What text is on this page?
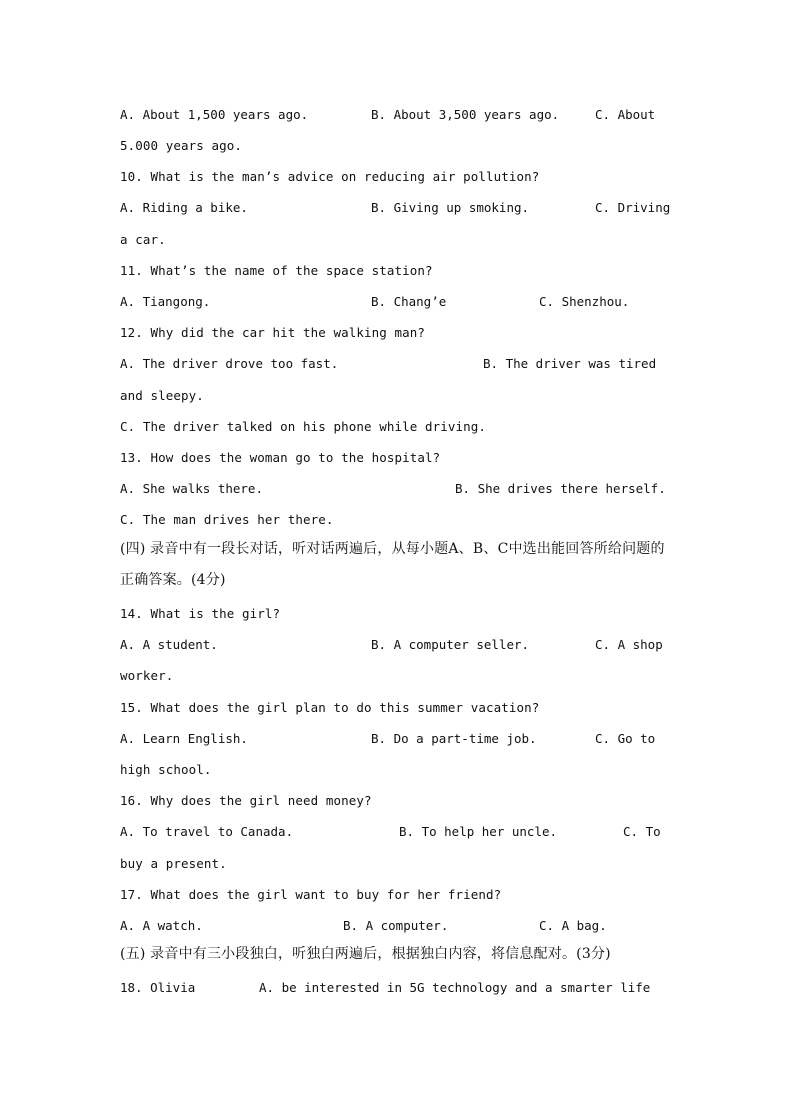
A. About 1,500 years ago.	B. About 3,500 years ago.	C. About
5.000 years ago.
10. What is the man’s advice on reducing air pollution?
A. Riding a bike.	B. Giving up smoking.	C. Driving
a car.
11. What’s the name of the space station?
A. Tiangong.	B. Chang’e	C. Shenzhou.
12. Why did the car hit the walking man?
A. The driver drove too fast.	B. The driver was tired
and sleepy.
C. The driver talked on his phone while driving.
13. How does the woman go to the hospital?
A. She walks there.	B. She drives there herself.
C. The man drives her there.
(四) 录音中有一段长对话，听对话两遍后，从每小题A、B、C中选出能回答所给问题的
正确答案。(4分)
14. What is the girl?
A. A student.	B. A computer seller.	C. A shop
worker.
15. What does the girl plan to do this summer vacation?
A. Learn English.	B. Do a part-time job.	C. Go to
high school.
16. Why does the girl need money?
A. To travel to Canada.	B. To help her uncle.	C. To
buy a present.
17. What does the girl want to buy for her friend?
A. A watch.	B. A computer.	C. A bag.
(五) 录音中有三小段独白，听独白两遍后，根据独白内容，将信息配对。(3分)
18. Olivia	A. be interested in 5G technology and a smarter life
